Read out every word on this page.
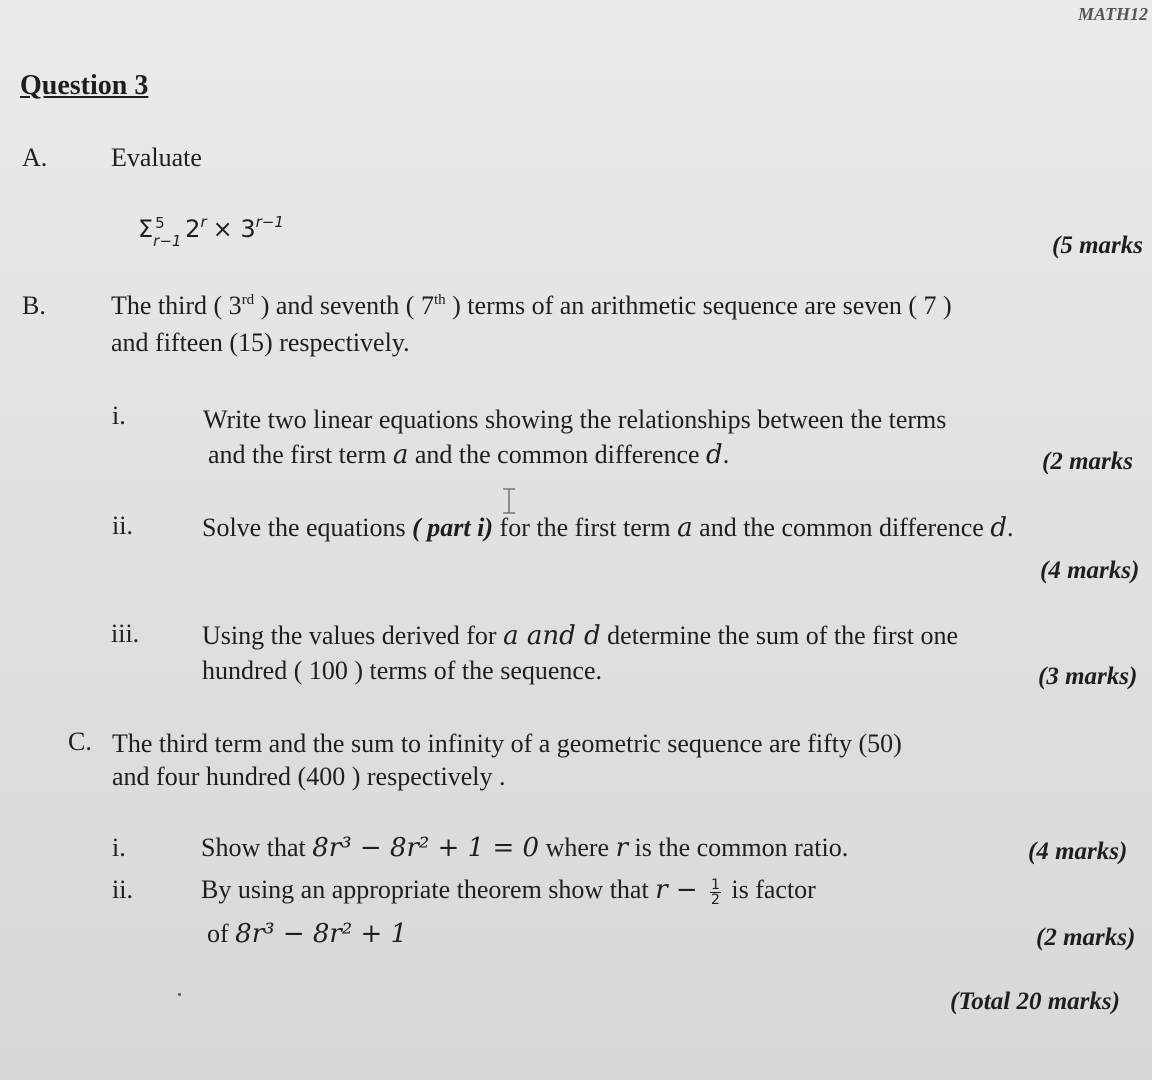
MATH12
Question 3
A. Evaluate
Σ 5
r−1 $2^r \times 3^{r-1}$
(5 marks
B.	The third ( 3rd ) and seventh ( 7th ) terms of an arithmetic sequence are seven ( 7 )
and fifteen (15) respectively.
i.	Write two linear equations showing the relationships between the terms
and the first term a and the common difference d.	(2 marks
ii.	Solve the equations ( part i) for the first term a and the common difference d.
(4 marks)
iii. Using the values derived for a and d determine the sum of the first one
hundred ( 100 ) terms of the sequence.	(3 marks)
C. The third term and the sum to infinity of a geometric sequence are fifty (50)
and four hundred (400 ) respectively .
i.	Show that 8r³ − 8r² + 1 = 0 where r is the common ratio.	(4 marks)
ii.	By using an appropriate theorem show that $r - \frac{1}{2}$ is factor
of 8r³ − 8r² + 1	(2 marks)
(Total 20 marks)
